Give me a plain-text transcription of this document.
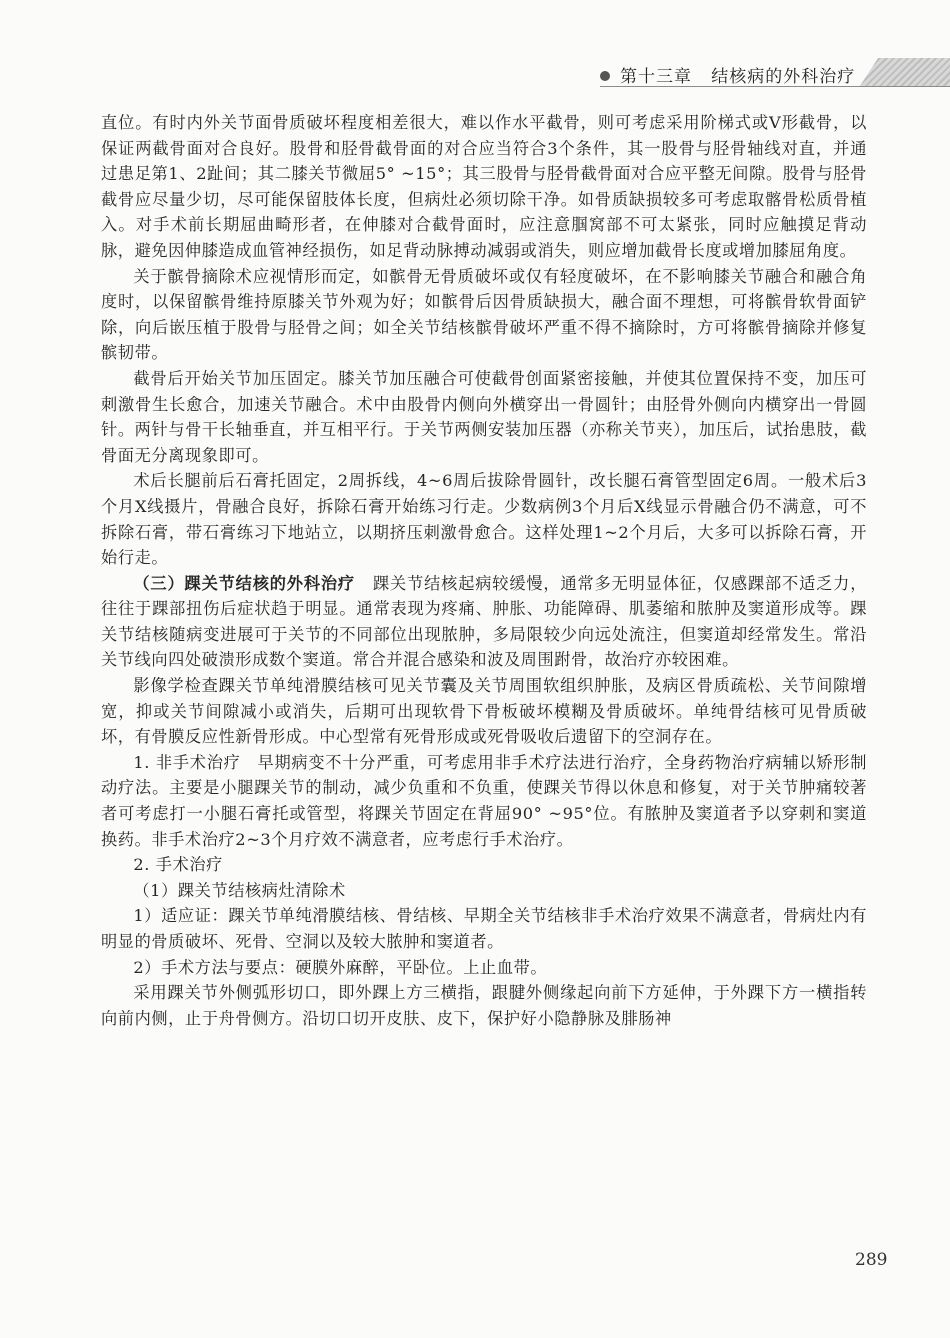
第十三章 结核病的外科治疗

直位。有时内外关节面骨质破坏程度相差很大，难以作水平截骨，则可考虑采用阶梯式或V形截骨，以保证两截骨面对合良好。股骨和胫骨截骨面的对合应当符合3个条件，其一股骨与胫骨轴线对直，并通过患足第1、2趾间；其二膝关节微屈5° ~15°；其三股骨与胫骨截骨面对合应平整无间隙。股骨与胫骨截骨应尽量少切，尽可能保留肢体长度，但病灶必须切除干净。如骨质缺损较多可考虑取髂骨松质骨植入。对手术前长期屈曲畸形者，在伸膝对合截骨面时，应注意腘窝部不可太紧张，同时应触摸足背动脉，避免因伸膝造成血管神经损伤，如足背动脉搏动减弱或消失，则应增加截骨长度或增加膝屈角度。

关于髌骨摘除术应视情形而定，如髌骨无骨质破坏或仅有轻度破坏，在不影响膝关节融合和融合角度时，以保留髌骨维持原膝关节外观为好；如髌骨后因骨质缺损大，融合面不理想，可将髌骨软骨面铲除，向后嵌压植于股骨与胫骨之间；如全关节结核髌骨破坏严重不得不摘除时，方可将髌骨摘除并修复髌韧带。

截骨后开始关节加压固定。膝关节加压融合可使截骨创面紧密接触，并使其位置保持不变，加压可刺激骨生长愈合，加速关节融合。术中由股骨内侧向外横穿出一骨圆针；由胫骨外侧向内横穿出一骨圆针。两针与骨干长轴垂直，并互相平行。于关节两侧安装加压器（亦称关节夹），加压后，试抬患肢，截骨面无分离现象即可。

术后长腿前后石膏托固定，2周拆线，4~6周后拔除骨圆针，改长腿石膏管型固定6周。一般术后3个月X线摄片，骨融合良好，拆除石膏开始练习行走。少数病例3个月后X线显示骨融合仍不满意，可不拆除石膏，带石膏练习下地站立，以期挤压刺激骨愈合。这样处理1~2个月后，大多可以拆除石膏，开始行走。

（三）踝关节结核的外科治疗 踝关节结核起病较缓慢，通常多无明显体征，仅感踝部不适乏力，往往于踝部扭伤后症状趋于明显。通常表现为疼痛、肿胀、功能障碍、肌萎缩和脓肿及窦道形成等。踝关节结核随病变进展可于关节的不同部位出现脓肿，多局限较少向远处流注，但窦道却经常发生。常沿关节线向四处破溃形成数个窦道。常合并混合感染和波及周围跗骨，故治疗亦较困难。

影像学检查踝关节单纯滑膜结核可见关节囊及关节周围软组织肿胀，及病区骨质疏松、关节间隙增宽，抑或关节间隙减小或消失，后期可出现软骨下骨板破坏模糊及骨质破坏。单纯骨结核可见骨质破坏，有骨膜反应性新骨形成。中心型常有死骨形成或死骨吸收后遗留下的空洞存在。

1. 非手术治疗　早期病变不十分严重，可考虑用非手术疗法进行治疗，全身药物治疗病辅以矫形制动疗法。主要是小腿踝关节的制动，减少负重和不负重，使踝关节得以休息和修复，对于关节肿痛较著者可考虑打一小腿石膏托或管型，将踝关节固定在背屈90° ~95°位。有脓肿及窦道者予以穿刺和窦道换药。非手术治疗2~3个月疗效不满意者，应考虑行手术治疗。

2. 手术治疗

（1）踝关节结核病灶清除术

1）适应证：踝关节单纯滑膜结核、骨结核、早期全关节结核非手术治疗效果不满意者，骨病灶内有明显的骨质破坏、死骨、空洞以及较大脓肿和窦道者。

2）手术方法与要点：硬膜外麻醉，平卧位。上止血带。

采用踝关节外侧弧形切口，即外踝上方三横指，跟腱外侧缘起向前下方延伸，于外踝下方一横指转向前内侧，止于舟骨侧方。沿切口切开皮肤、皮下，保护好小隐静脉及腓肠神

289
